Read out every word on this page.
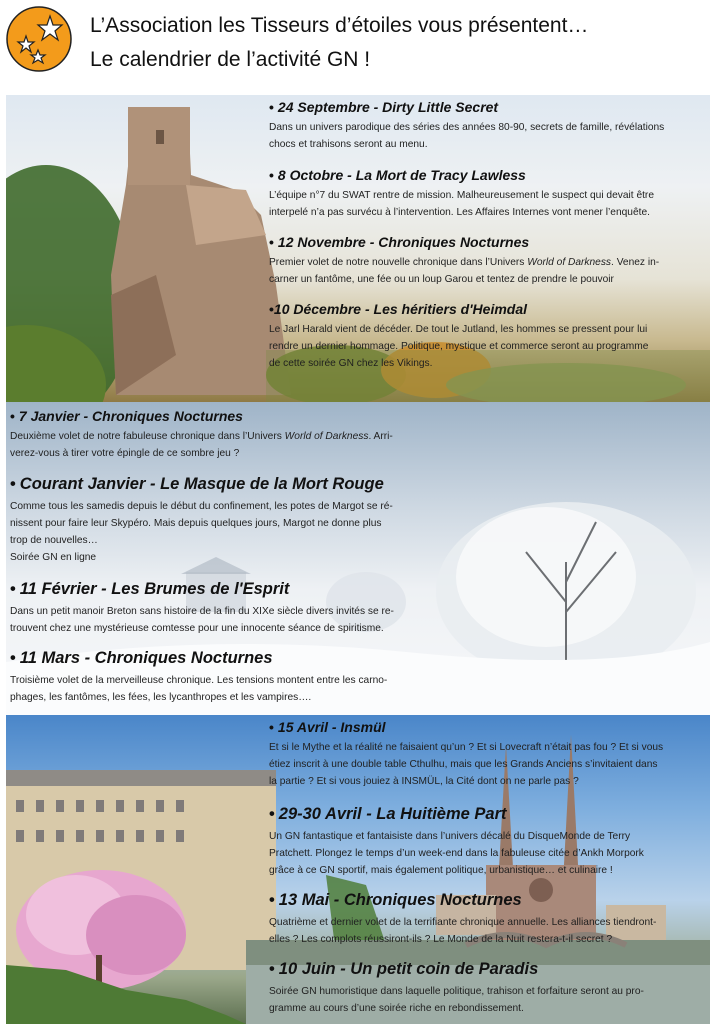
L’Association les Tisseurs d’étoiles vous présentent…
Le calendrier de l’activité GN !
• 24 Septembre - Dirty Little Secret
Dans un univers parodique des séries des années 80-90, secrets de famille, révélations
chocs et trahisons seront au menu.
• 8 Octobre - La Mort de Tracy Lawless
L’équipe n°7 du SWAT rentre de mission. Malheureusement le suspect qui devait être
interpelé n’a pas survécu à l’intervention. Les Affaires Internes vont mener l’enquête.
• 12 Novembre - Chroniques Nocturnes
Premier volet de notre nouvelle chronique dans l’Univers World of Darkness. Venez in-
carner un fantôme, une fée ou un loup Garou et tentez de prendre le pouvoir
•10 Décembre - Les héritiers d'Heimdal
Le Jarl Harald vient de décéder. De tout le Jutland, les hommes se pressent pour lui
rendre un dernier hommage. Politique, mystique et commerce seront au programme
de cette soirée GN chez les Vikings.
• 7 Janvier - Chroniques Nocturnes
Deuxième volet de notre fabuleuse chronique dans l’Univers World of Darkness. Arri-
verez-vous à tirer votre épingle de ce sombre jeu ?
• Courant Janvier - Le Masque de la Mort Rouge
Comme tous les samedis depuis le début du confinement, les potes de Margot se ré-
nissent pour faire leur Skypéro. Mais depuis quelques jours, Margot ne donne plus
trop de nouvelles…
Soirée GN en ligne
• 11 Février - Les Brumes de l'Esprit
Dans un petit manoir Breton sans histoire de la fin du XIXe siècle divers invités se re-
trouvent chez une mystérieuse comtesse pour une innocente séance de spiritisme.
• 11 Mars - Chroniques Nocturnes
Troisième volet de la merveilleuse chronique. Les tensions montent entre les carno-
phages, les fantômes, les fées, les lycanthropes et les vampires….
• 15 Avril - Insmül
Et si le Mythe et la réalité ne faisaient qu’un ? Et si Lovecraft n’était pas fou ? Et si vous
étiez inscrit à une double table Cthulhu, mais que les Grands Anciens s’invitaient dans
la partie ? Et si vous jouiez à INSMÜL, la Cité dont on ne parle pas ?
• 29-30 Avril - La Huitième Part
Un GN fantastique et fantaisiste dans l’univers décalé du DisqueMonde de Terry
Pratchett. Plongez le temps d’un week-end dans la fabuleuse citée d’Ankh Morpork
grâce à ce GN sportif, mais également politique, urbanistique… et culinaire !
• 13 Mai - Chroniques Nocturnes
Quatrième et dernier volet de la terrifiante chronique annuelle. Les alliances tiendront-
elles ? Les complots réussiront-ils ? Le Monde de la Nuit restera-t-il secret ?
• 10 Juin - Un petit coin de Paradis
Soirée GN humoristique dans laquelle politique, trahison et forfaiture seront au pro-
gramme au cours d’une soirée riche en rebondissement.
